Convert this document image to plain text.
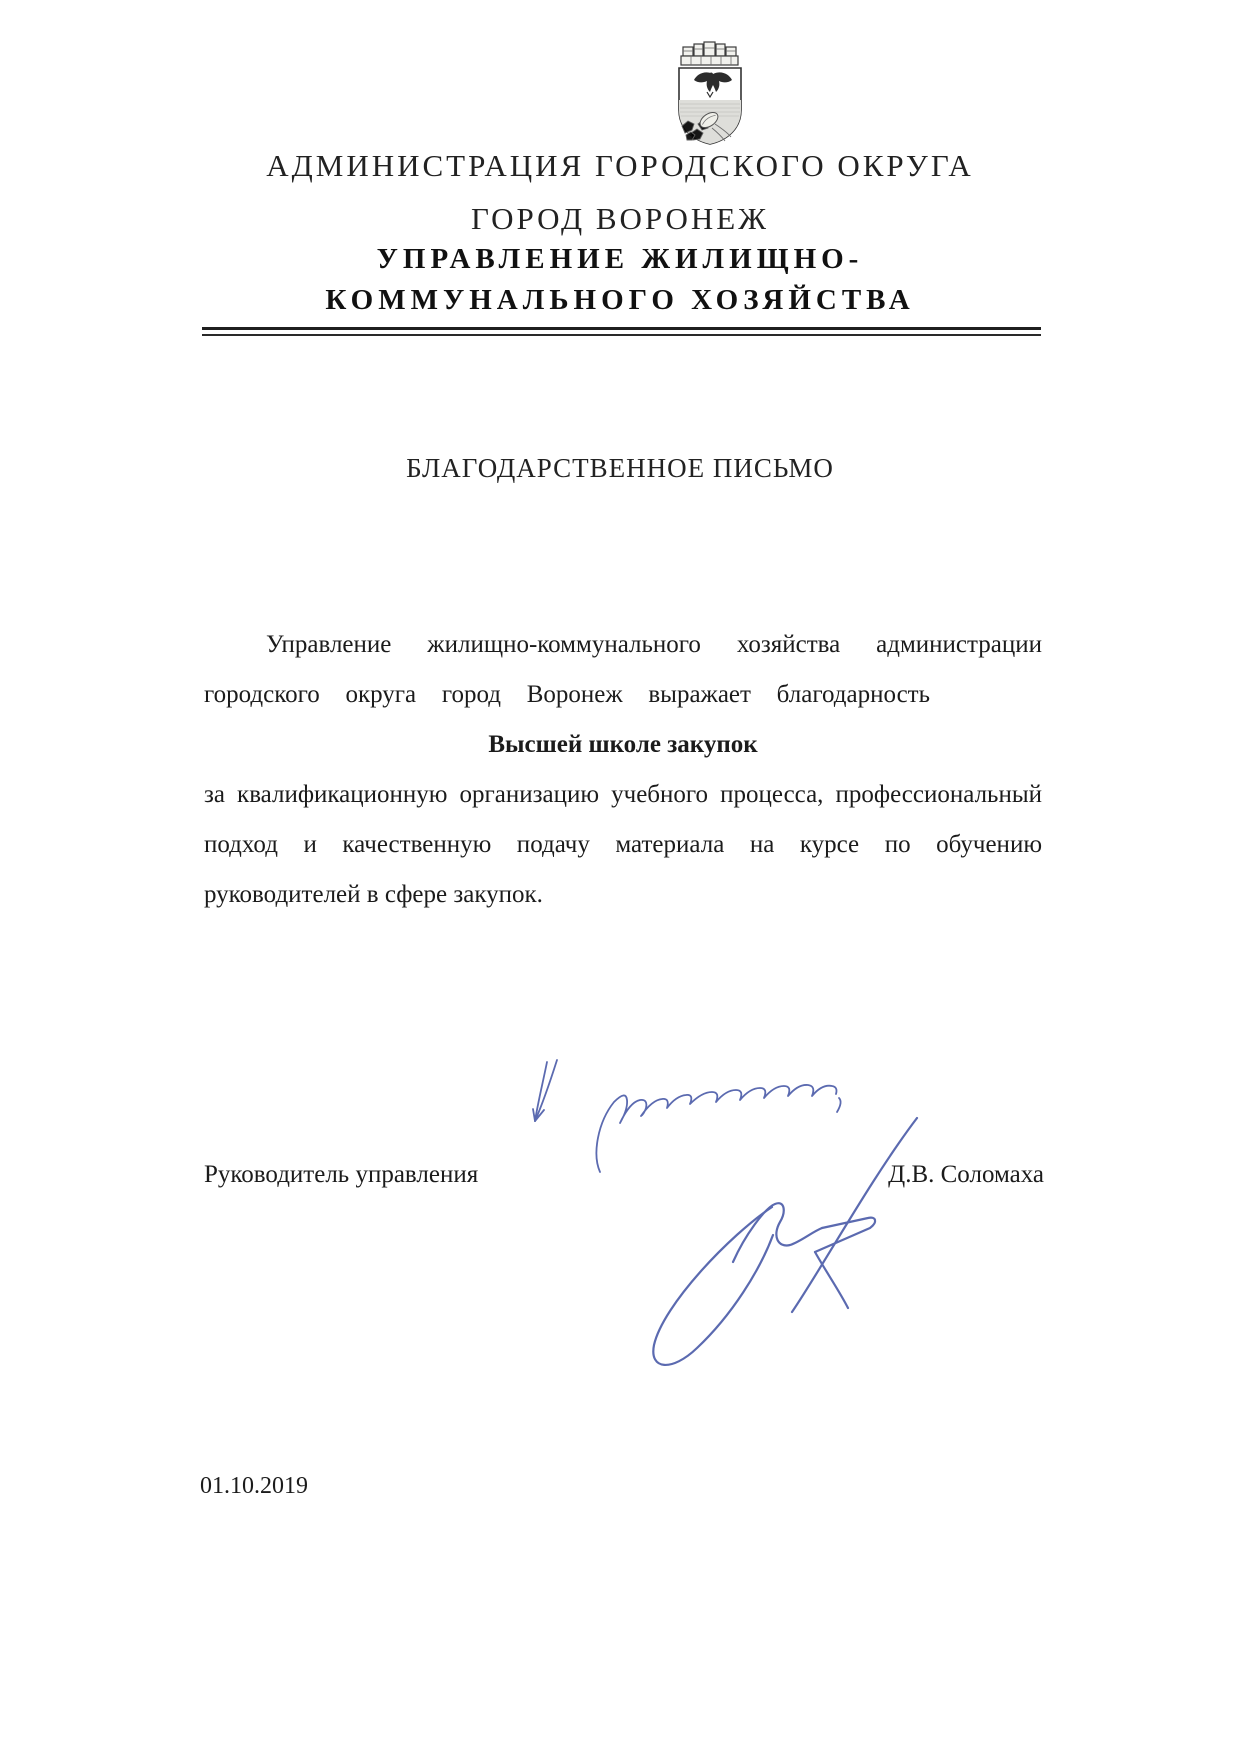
АДМИНИСТРАЦИЯ ГОРОДСКОГО ОКРУГА
ГОРОД ВОРОНЕЖ
УПРАВЛЕНИЕ ЖИЛИЩНО-
КОММУНАЛЬНОГО ХОЗЯЙСТВА
БЛАГОДАРСТВЕННОЕ ПИСЬМО
Управление жилищно-коммунального хозяйства администрации
городского округа город Воронеж выражает благодарность
Высшей школе закупок
за квалификационную организацию учебного процесса, профессиональный
подход и качественную подачу материала на курсе по обучению
руководителей в сфере закупок.
Руководитель управления	Д.В. Соломаха
01.10.2019
